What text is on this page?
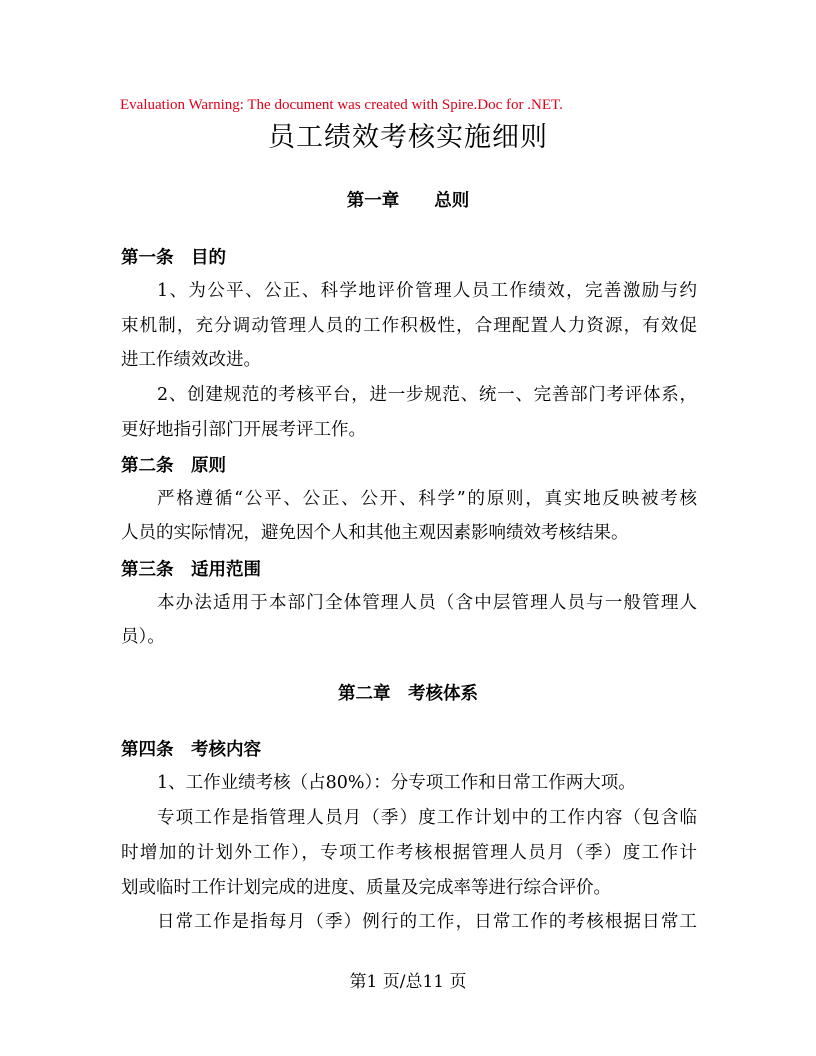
Evaluation Warning: The document was created with Spire.Doc for .NET.
员工绩效考核实施细则
第一章　　总则
第一条　目的
1、为公平、公正、科学地评价管理人员工作绩效，完善激励与约
束机制，充分调动管理人员的工作积极性，合理配置人力资源，有效促
进工作绩效改进。
2、创建规范的考核平台，进一步规范、统一、完善部门考评体系，
更好地指引部门开展考评工作。
第二条　原则
严格遵循“公平、公正、公开、科学”的原则，真实地反映被考核
人员的实际情况，避免因个人和其他主观因素影响绩效考核结果。
第三条　适用范围
本办法适用于本部门全体管理人员（含中层管理人员与一般管理人
员）。
第二章　考核体系
第四条　考核内容
1、工作业绩考核（占80%）：分专项工作和日常工作两大项。
专项工作是指管理人员月（季）度工作计划中的工作内容（包含临
时增加的计划外工作），专项工作考核根据管理人员月（季）度工作计
划或临时工作计划完成的进度、质量及完成率等进行综合评价。
日常工作是指每月（季）例行的工作，日常工作的考核根据日常工
第1 页/总11 页
